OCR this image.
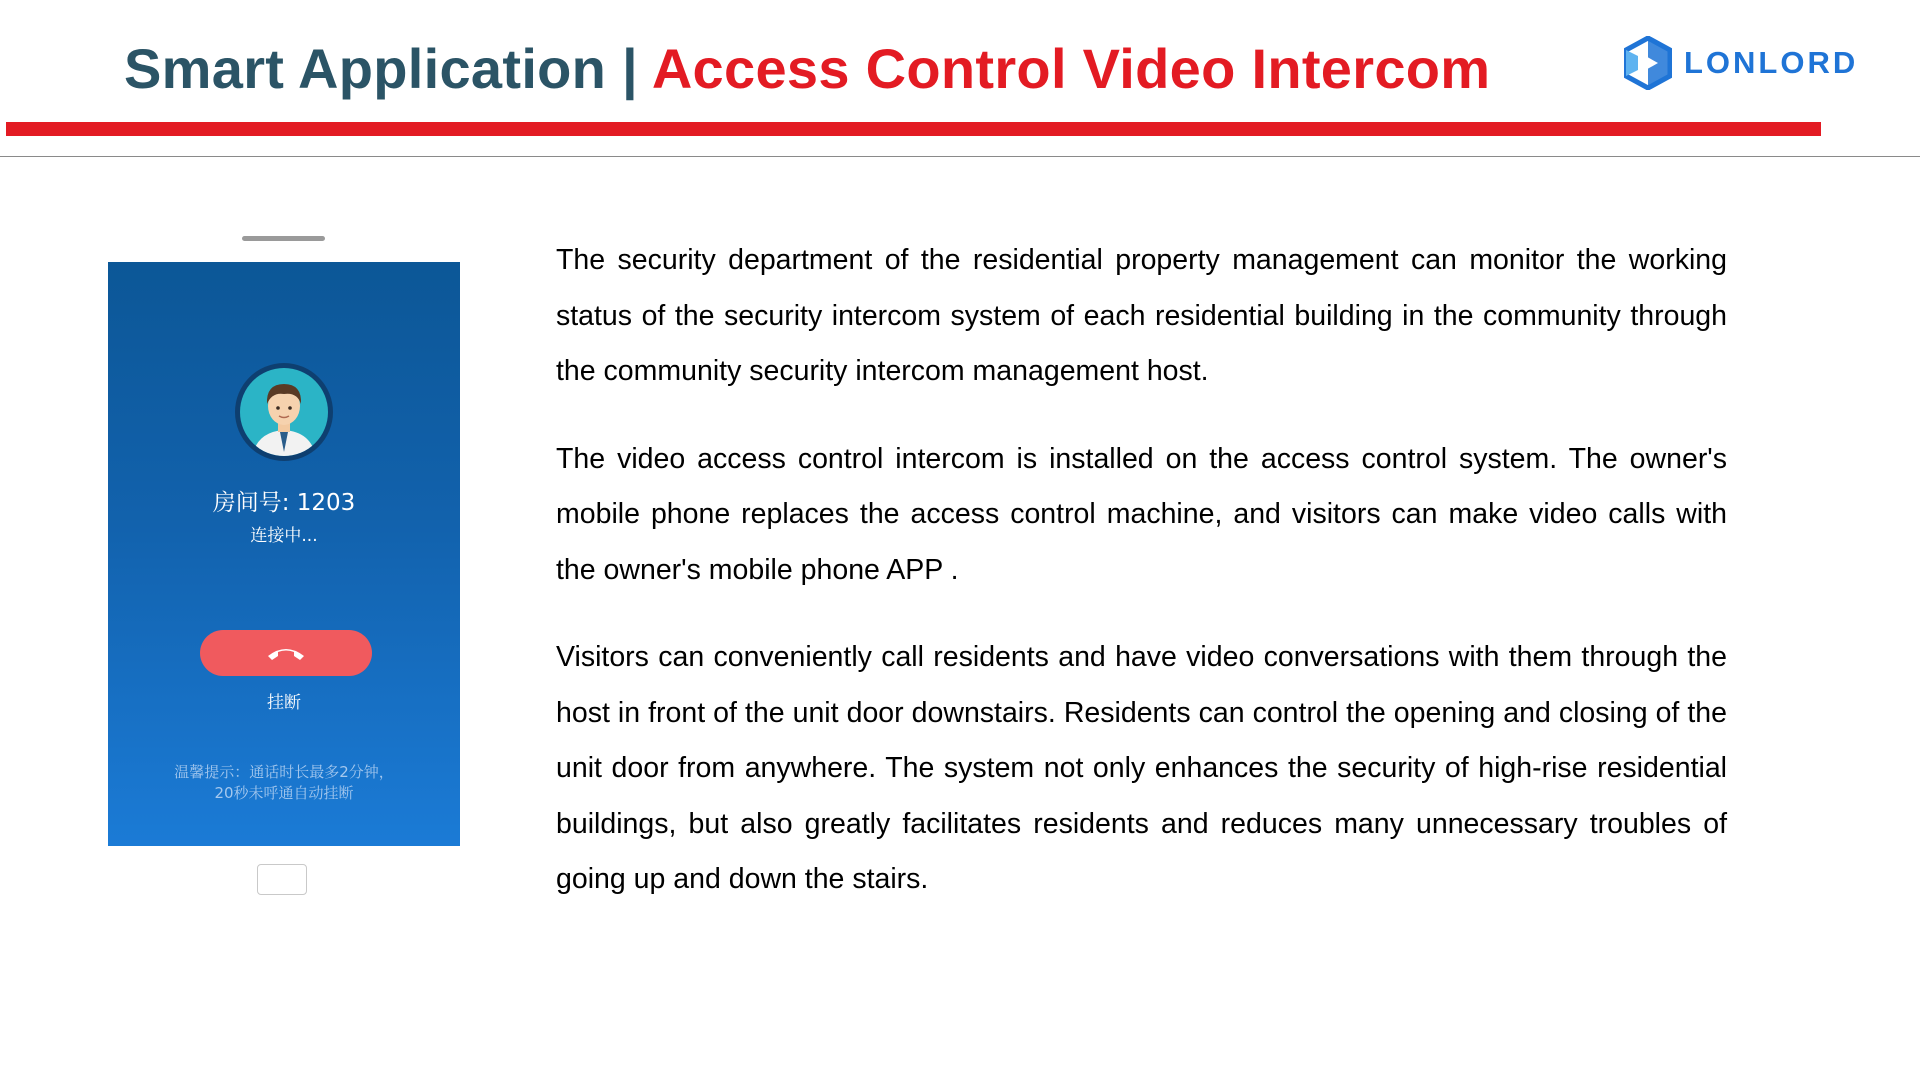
Smart Application | Access Control Video Intercom	LONLORD
房间号: 1203
连接中...
挂断
温馨提示：通话时长最多2分钟，
20秒未呼通自动挂断

The security department of the residential property management can monitor the working status of the security intercom system of each residential building in the community through the community security intercom management host.

The video access control intercom is installed on the access control system. The owner's mobile phone replaces the access control machine, and visitors can make video calls with the owner's mobile phone APP .

Visitors can conveniently call residents and have video conversations with them through the host in front of the unit door downstairs. Residents can control the opening and closing of the unit door from anywhere. The system not only enhances the security of high-rise residential buildings, but also greatly facilitates residents and reduces many unnecessary troubles of going up and down the stairs.
